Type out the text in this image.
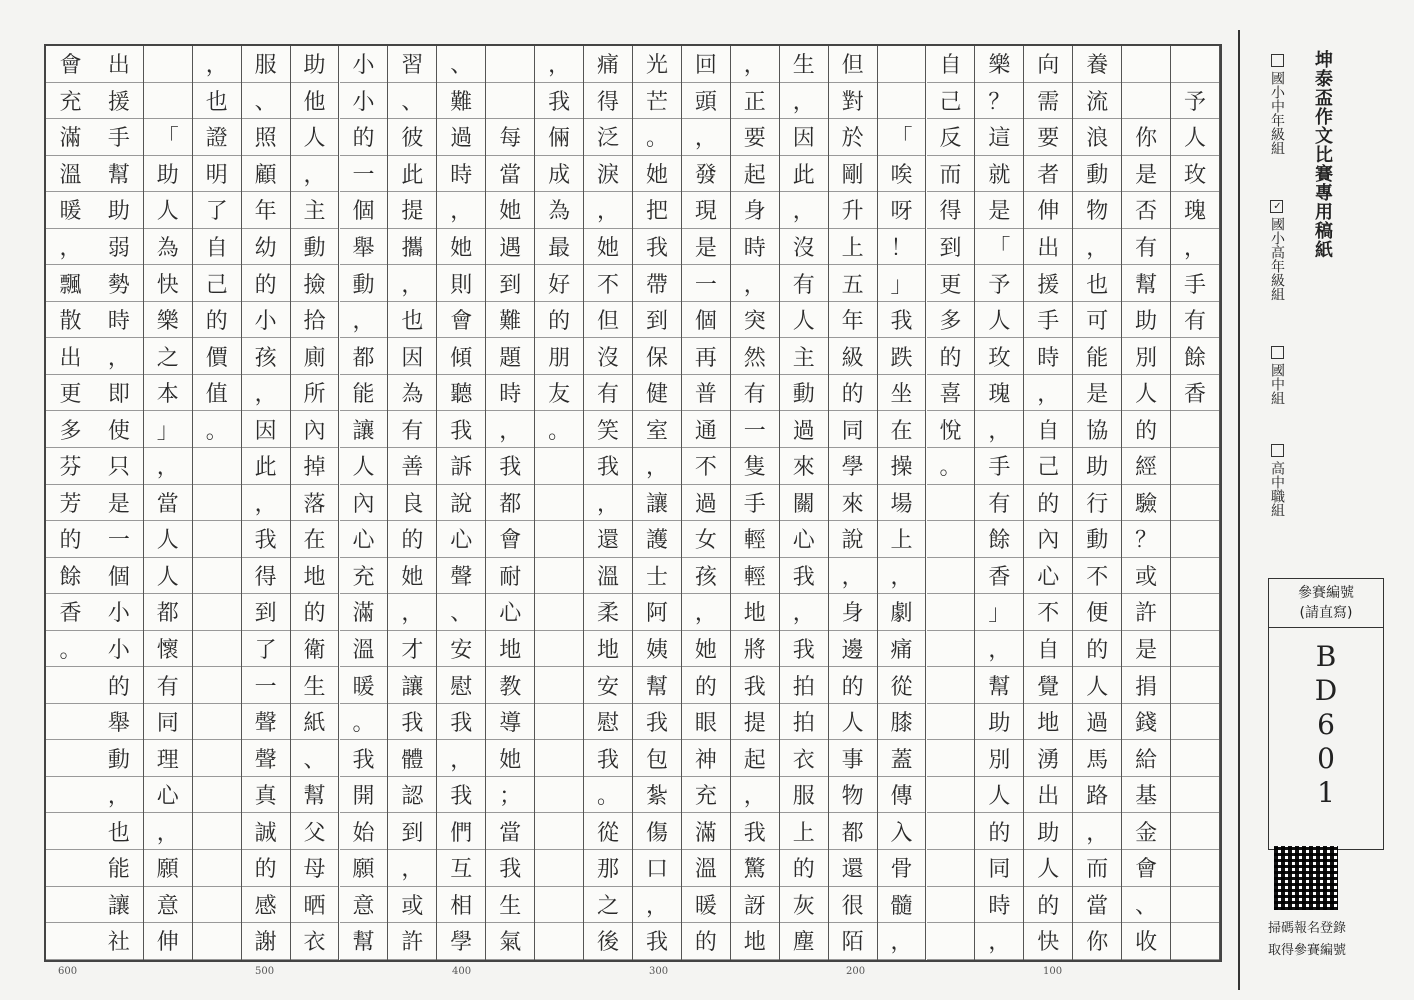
予
人
玫
瑰
，
手
有
餘
香
你
是
否
有
幫
助
別
人
的
經
驗
？
或
許
是
捐
錢
給
基
金
會
、
收
養
流
浪
動
物
，
也
可
能
是
協
助
行
動
不
便
的
人
過
馬
路
，
而
當
你
向
需
要
者
伸
出
援
手
時
，
自
己
的
內
心
不
自
覺
地
湧
出
助
人
的
快
樂
？
這
就
是
「
予
人
玫
瑰
，
手
有
餘
香
」
，
幫
助
別
人
的
同
時
，
自
己
反
而
得
到
更
多
的
喜
悅
。
「
唉
呀
！
」
我
跌
坐
在
操
場
上
，
劇
痛
從
膝
蓋
傳
入
骨
髓
，
但
對
於
剛
升
上
五
年
級
的
同
學
來
說
，
身
邊
的
人
事
物
都
還
很
陌
生
，
因
此
，
沒
有
人
主
動
過
來
關
心
我
，
我
拍
拍
衣
服
上
的
灰
塵
，
正
要
起
身
時
，
突
然
有
一
隻
手
輕
輕
地
將
我
提
起
，
我
驚
訝
地
回
頭
，
發
現
是
一
個
再
普
通
不
過
女
孩
，
她
的
眼
神
充
滿
溫
暖
的
光
芒
。
她
把
我
帶
到
保
健
室
，
讓
護
士
阿
姨
幫
我
包
紮
傷
口
，
我
痛
得
泛
淚
，
她
不
但
沒
有
笑
我
，
還
溫
柔
地
安
慰
我
。
從
那
之
後
，
我
倆
成
為
最
好
的
朋
友
。
每
當
她
遇
到
難
題
時
，
我
都
會
耐
心
地
教
導
她
；
當
我
生
氣
、
難
過
時
，
她
則
會
傾
聽
我
訴
說
心
聲
、
安
慰
我
，
我
們
互
相
學
習
、
彼
此
提
攜
，
也
因
為
有
善
良
的
她
，
才
讓
我
體
認
到
，
或
許
小
小
的
一
個
舉
動
，
都
能
讓
人
內
心
充
滿
溫
暖
。
我
開
始
願
意
幫
助
他
人
，
主
動
撿
拾
廁
所
內
掉
落
在
地
的
衛
生
紙
、
幫
父
母
晒
衣
服
、
照
顧
年
幼
的
小
孩
，
因
此
，
我
得
到
了
一
聲
聲
真
誠
的
感
謝
，
也
證
明
了
自
己
的
價
值
。
「
助
人
為
快
樂
之
本
」
，
當
人
人
都
懷
有
同
理
心
，
願
意
伸
出
援
手
幫
助
弱
勢
時
，
即
使
只
是
一
個
小
小
的
舉
動
，
也
能
讓
社
會
充
滿
溫
暖
，
飄
散
出
更
多
芬
芳
的
餘
香
。
600	500	400	300	200	100
坤泰盃作文比賽專用稿紙
國小中年級組
✓國小高年級組
國中組
高中職組
參賽編號
(請直寫)
B
D
6
0
1
掃碼報名登錄 取得參賽編號
